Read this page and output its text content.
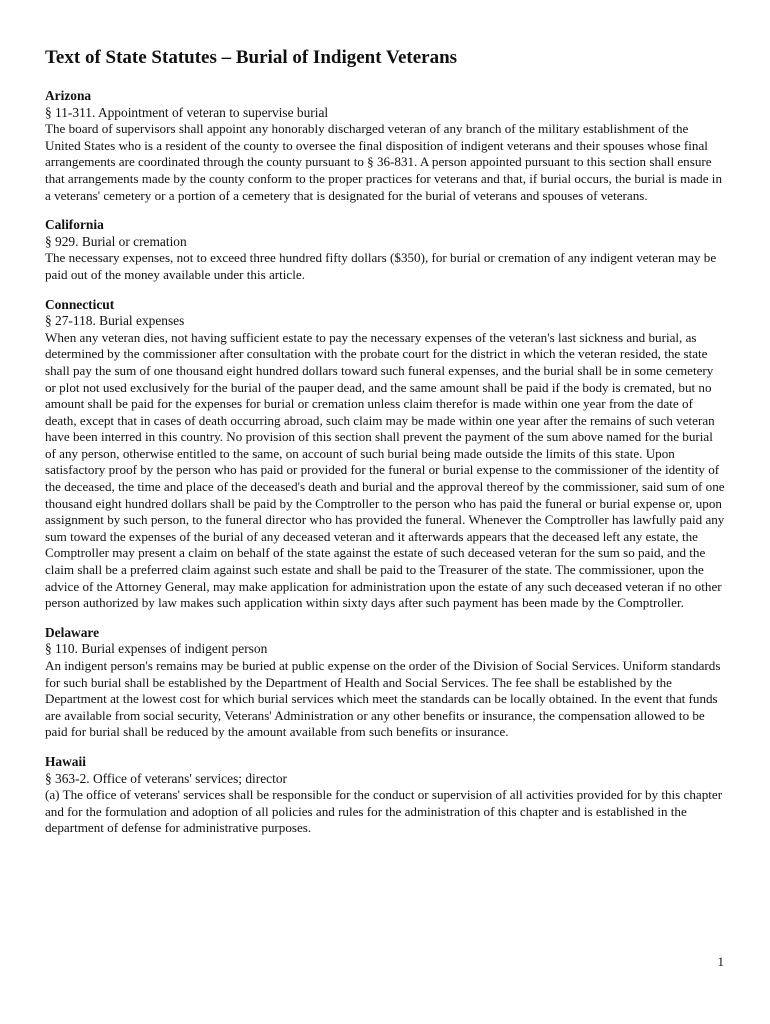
Text of State Statutes – Burial of Indigent Veterans

Arizona

§ 11-311. Appointment of veteran to supervise burial

The board of supervisors shall appoint any honorably discharged veteran of any branch of the military establishment of the United States who is a resident of the county to oversee the final disposition of indigent veterans and their spouses whose final arrangements are coordinated through the county pursuant to § 36-831. A person appointed pursuant to this section shall ensure that arrangements made by the county conform to the proper practices for veterans and that, if burial occurs, the burial is made in a veterans' cemetery or a portion of a cemetery that is designated for the burial of veterans and spouses of veterans.

California

§ 929. Burial or cremation

The necessary expenses, not to exceed three hundred fifty dollars ($350), for burial or cremation of any indigent veteran may be paid out of the money available under this article.

Connecticut

§ 27-118. Burial expenses

When any veteran dies, not having sufficient estate to pay the necessary expenses of the veteran's last sickness and burial, as determined by the commissioner after consultation with the probate court for the district in which the veteran resided, the state shall pay the sum of one thousand eight hundred dollars toward such funeral expenses, and the burial shall be in some cemetery or plot not used exclusively for the burial of the pauper dead, and the same amount shall be paid if the body is cremated, but no amount shall be paid for the expenses for burial or cremation unless claim therefor is made within one year from the date of death, except that in cases of death occurring abroad, such claim may be made within one year after the remains of such veteran have been interred in this country. No provision of this section shall prevent the payment of the sum above named for the burial of any person, otherwise entitled to the same, on account of such burial being made outside the limits of this state. Upon satisfactory proof by the person who has paid or provided for the funeral or burial expense to the commissioner of the identity of the deceased, the time and place of the deceased's death and burial and the approval thereof by the commissioner, said sum of one thousand eight hundred dollars shall be paid by the Comptroller to the person who has paid the funeral or burial expense or, upon assignment by such person, to the funeral director who has provided the funeral. Whenever the Comptroller has lawfully paid any sum toward the expenses of the burial of any deceased veteran and it afterwards appears that the deceased left any estate, the Comptroller may present a claim on behalf of the state against the estate of such deceased veteran for the sum so paid, and the claim shall be a preferred claim against such estate and shall be paid to the Treasurer of the state. The commissioner, upon the advice of the Attorney General, may make application for administration upon the estate of any such deceased veteran if no other person authorized by law makes such application within sixty days after such payment has been made by the Comptroller.

Delaware

§ 110. Burial expenses of indigent person

An indigent person's remains may be buried at public expense on the order of the Division of Social Services. Uniform standards for such burial shall be established by the Department of Health and Social Services. The fee shall be established by the Department at the lowest cost for which burial services which meet the standards can be locally obtained. In the event that funds are available from social security, Veterans' Administration or any other benefits or insurance, the compensation allowed to be paid for burial shall be reduced by the amount available from such benefits or insurance.

Hawaii

§ 363-2. Office of veterans' services; director

(a) The office of veterans' services shall be responsible for the conduct or supervision of all activities provided for by this chapter and for the formulation and adoption of all policies and rules for the administration of this chapter and is established in the department of defense for administrative purposes.

1
